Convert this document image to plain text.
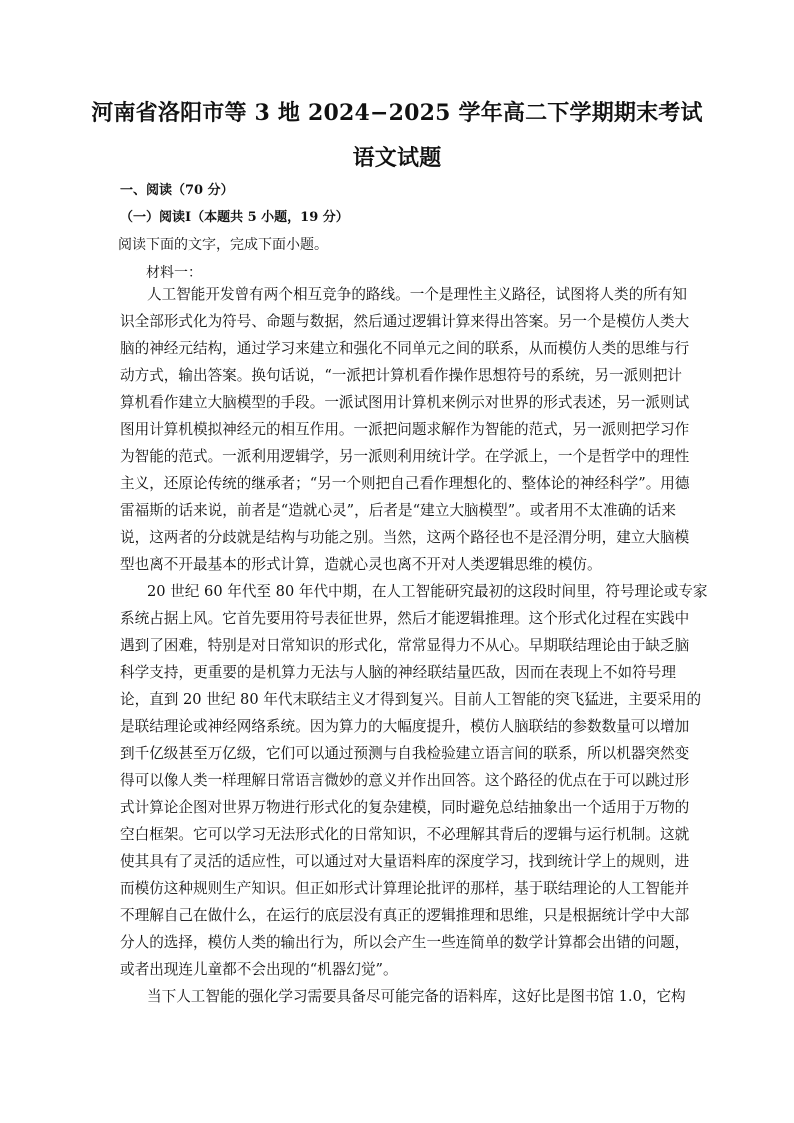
河南省洛阳市等 3 地 2024−2025 学年高二下学期期末考试
语文试题
一、阅读（70 分）
（一）阅读Ⅰ（本题共 5 小题，19 分）
阅读下面的文字，完成下面小题。
材料一：
人工智能开发曾有两个相互竞争的路线。一个是理性主义路径，试图将人类的所有知
识全部形式化为符号、命题与数据，然后通过逻辑计算来得出答案。另一个是模仿人类大
脑的神经元结构，通过学习来建立和强化不同单元之间的联系，从而模仿人类的思维与行
动方式，输出答案。换句话说，“一派把计算机看作操作思想符号的系统，另一派则把计
算机看作建立大脑模型的手段。一派试图用计算机来例示对世界的形式表述，另一派则试
图用计算机模拟神经元的相互作用。一派把问题求解作为智能的范式，另一派则把学习作
为智能的范式。一派利用逻辑学，另一派则利用统计学。在学派上，一个是哲学中的理性
主义，还原论传统的继承者；“另一个则把自己看作理想化的、整体论的神经科学”。用德
雷福斯的话来说，前者是“造就心灵”，后者是“建立大脑模型”。或者用不太准确的话来
说，这两者的分歧就是结构与功能之别。当然，这两个路径也不是泾渭分明，建立大脑模
型也离不开最基本的形式计算，造就心灵也离不开对人类逻辑思维的模仿。
20 世纪 60 年代至 80 年代中期，在人工智能研究最初的这段时间里，符号理论或专家
系统占据上风。它首先要用符号表征世界，然后才能逻辑推理。这个形式化过程在实践中
遇到了困难，特别是对日常知识的形式化，常常显得力不从心。早期联结理论由于缺乏脑
科学支持，更重要的是机算力无法与人脑的神经联结量匹敌，因而在表现上不如符号理
论，直到 20 世纪 80 年代末联结主义才得到复兴。目前人工智能的突飞猛进，主要采用的
是联结理论或神经网络系统。因为算力的大幅度提升，模仿人脑联结的参数数量可以增加
到千亿级甚至万亿级，它们可以通过预测与自我检验建立语言间的联系，所以机器突然变
得可以像人类一样理解日常语言微妙的意义并作出回答。这个路径的优点在于可以跳过形
式计算论企图对世界万物进行形式化的复杂建模，同时避免总结抽象出一个适用于万物的
空白框架。它可以学习无法形式化的日常知识，不必理解其背后的逻辑与运行机制。这就
使其具有了灵活的适应性，可以通过对大量语料库的深度学习，找到统计学上的规则，进
而模仿这种规则生产知识。但正如形式计算理论批评的那样，基于联结理论的人工智能并
不理解自己在做什么，在运行的底层没有真正的逻辑推理和思维，只是根据统计学中大部
分人的选择，模仿人类的输出行为，所以会产生一些连简单的数学计算都会出错的问题，
或者出现连儿童都不会出现的“机器幻觉”。
当下人工智能的强化学习需要具备尽可能完备的语料库，这好比是图书馆 1.0，它构
